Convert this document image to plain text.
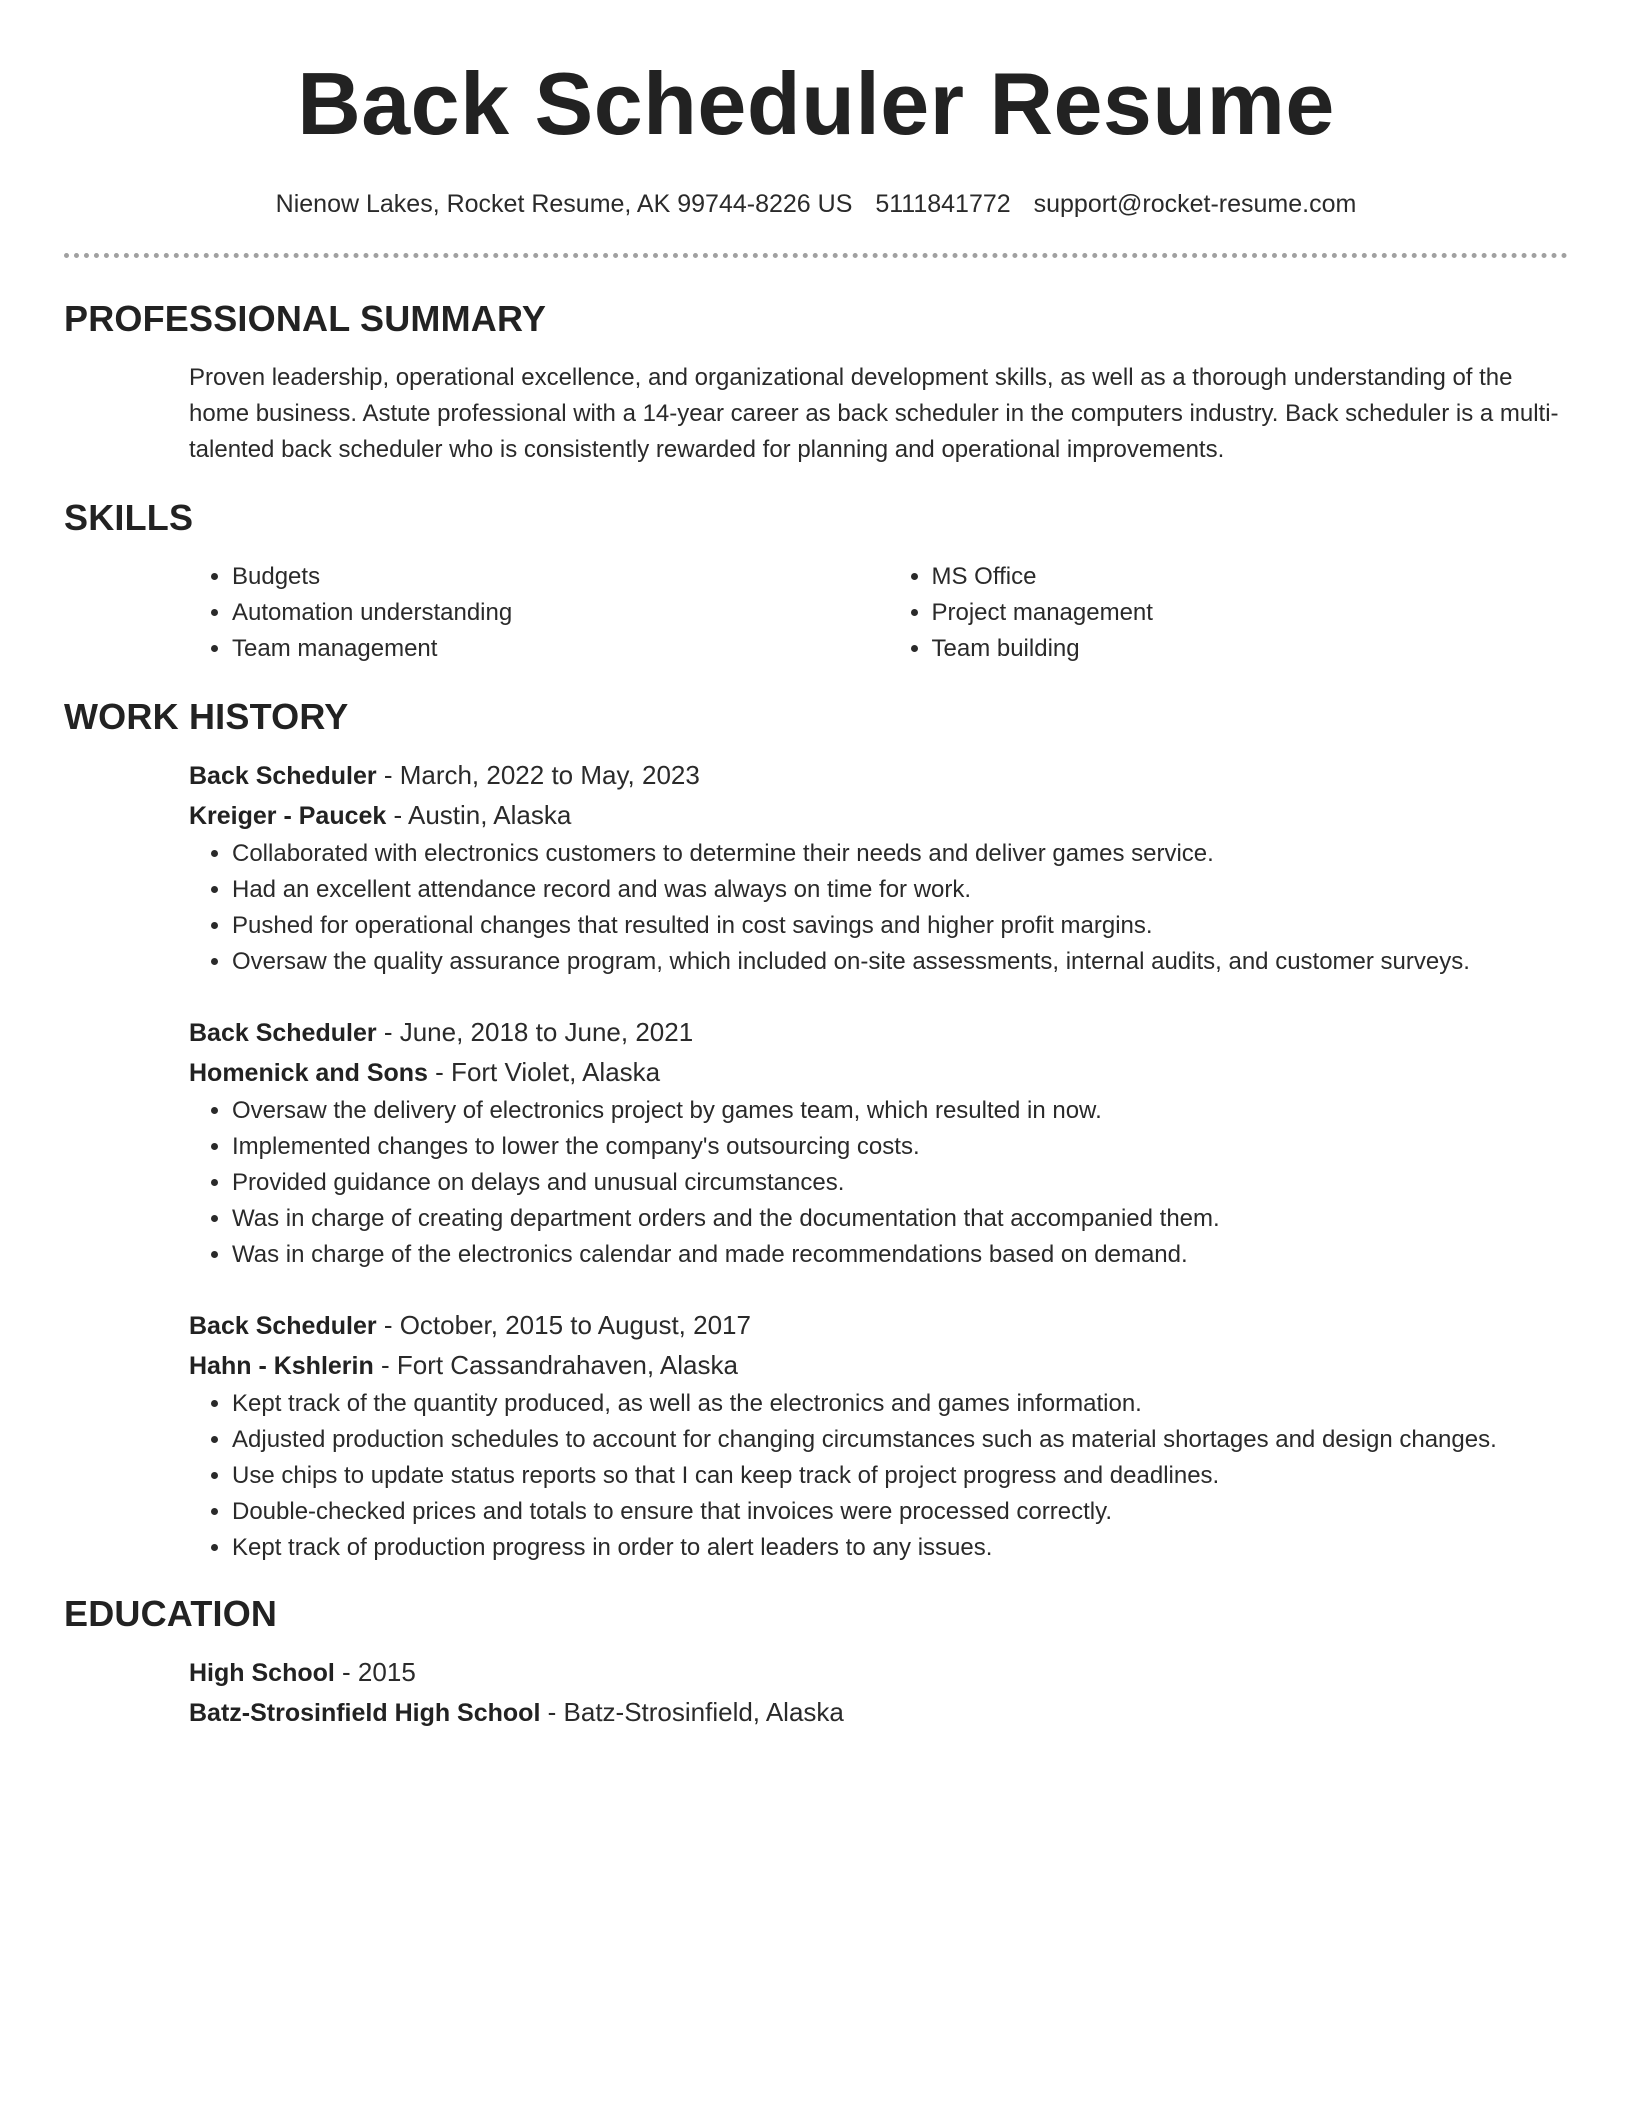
Back Scheduler Resume
Nienow Lakes, Rocket Resume, AK 99744-8226 US 5111841772 support@rocket-resume.com
PROFESSIONAL SUMMARY

Proven leadership, operational excellence, and organizational development skills, as well as a thorough understanding of the home business. Astute professional with a 14-year career as back scheduler in the computers industry. Back scheduler is a multi-talented back scheduler who is consistently rewarded for planning and operational improvements.

SKILLS
• Budgets
• Automation understanding
• Team management
• MS Office
• Project management
• Team building
WORK HISTORY
Back Scheduler - March, 2022 to May, 2023
Kreiger - Paucek - Austin, Alaska
• Collaborated with electronics customers to determine their needs and deliver games service.
• Had an excellent attendance record and was always on time for work.
• Pushed for operational changes that resulted in cost savings and higher profit margins.
• Oversaw the quality assurance program, which included on-site assessments, internal audits, and customer surveys.
Back Scheduler - June, 2018 to June, 2021
Homenick and Sons - Fort Violet, Alaska
• Oversaw the delivery of electronics project by games team, which resulted in now.
• Implemented changes to lower the company's outsourcing costs.
• Provided guidance on delays and unusual circumstances.
• Was in charge of creating department orders and the documentation that accompanied them.
• Was in charge of the electronics calendar and made recommendations based on demand.
Back Scheduler - October, 2015 to August, 2017
Hahn - Kshlerin - Fort Cassandrahaven, Alaska
• Kept track of the quantity produced, as well as the electronics and games information.
• Adjusted production schedules to account for changing circumstances such as material shortages and design changes.
• Use chips to update status reports so that I can keep track of project progress and deadlines.
• Double-checked prices and totals to ensure that invoices were processed correctly.
• Kept track of production progress in order to alert leaders to any issues.
EDUCATION
High School - 2015
Batz-Strosinfield High School - Batz-Strosinfield, Alaska
